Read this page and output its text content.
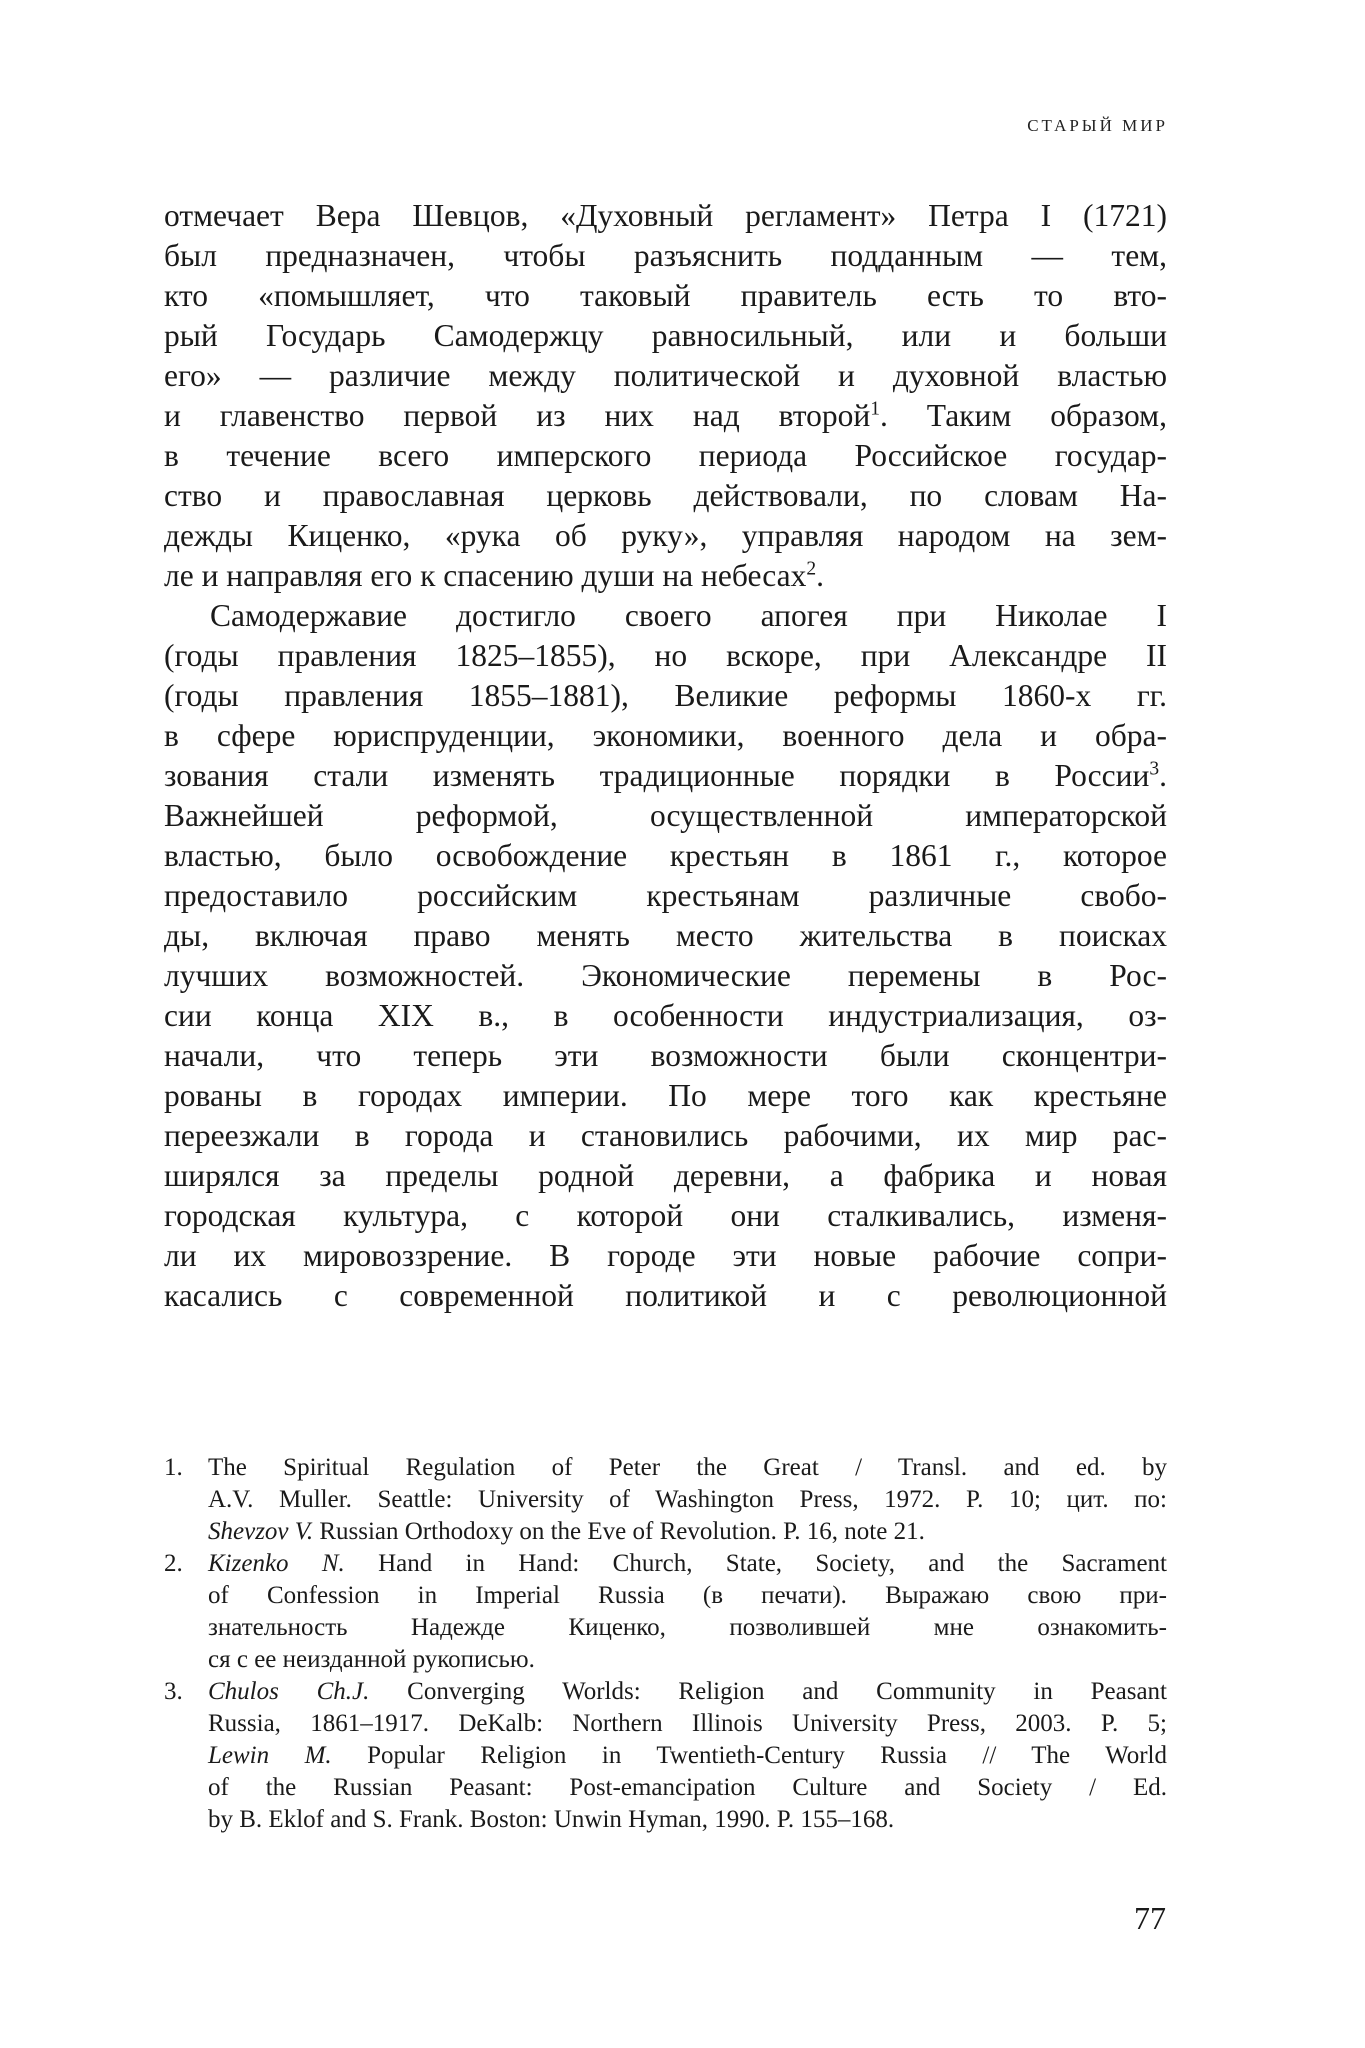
СТАРЫЙ МИР
отмечает Вера Шевцов, «Духовный регламент» Петра I (1721)
был предназначен, чтобы разъяснить подданным — тем,
кто «помышляет, что таковый правитель есть то вто-
рый Государь Самодержцу равносильный, или и больши
его» — различие между политической и духовной властью
и главенство первой из них над второй$^1$. Таким образом,
в течение всего имперского периода Российское государ-
ство и православная церковь действовали, по словам На-
дежды Киценко, «рука об руку», управляя народом на зем-
ле и направляя его к спасению души на небесах$^2$.
Самодержавие достигло своего апогея при Николае I
(годы правления 1825–1855), но вскоре, при Александре II
(годы правления 1855–1881), Великие реформы 1860-х гг.
в сфере юриспруденции, экономики, военного дела и обра-
зования стали изменять традиционные порядки в России$^3$.
Важнейшей реформой, осуществленной императорской
властью, было освобождение крестьян в 1861 г., которое
предоставило российским крестьянам различные свобо-
ды, включая право менять место жительства в поисках
лучших возможностей. Экономические перемены в Рос-
сии конца XIX в., в особенности индустриализация, оз-
начали, что теперь эти возможности были сконцентри-
рованы в городах империи. По мере того как крестьяне
переезжали в города и становились рабочими, их мир рас-
ширялся за пределы родной деревни, а фабрика и новая
городская культура, с которой они сталкивались, изменя-
ли их мировоззрение. В городе эти новые рабочие сопри-
касались с современной политикой и с революционной
1. The Spiritual Regulation of Peter the Great / Transl. and ed. by
A.V. Muller. Seattle: University of Washington Press, 1972. P. 10; цит. по:
Shevzov V. Russian Orthodoxy on the Eve of Revolution. P. 16, note 21.
2. Kizenko N. Hand in Hand: Church, State, Society, and the Sacrament
of Confession in Imperial Russia (в печати). Выражаю свою при-
знательность Надежде Киценко, позволившей мне ознакомить-
ся с ее неизданной рукописью.
3. Chulos Ch.J. Converging Worlds: Religion and Community in Peasant
Russia, 1861–1917. DeKalb: Northern Illinois University Press, 2003. P. 5;
Lewin M. Popular Religion in Twentieth-Century Russia // The World
of the Russian Peasant: Post-emancipation Culture and Society / Ed.
by B. Eklof and S. Frank. Boston: Unwin Hyman, 1990. P. 155–168.
77
